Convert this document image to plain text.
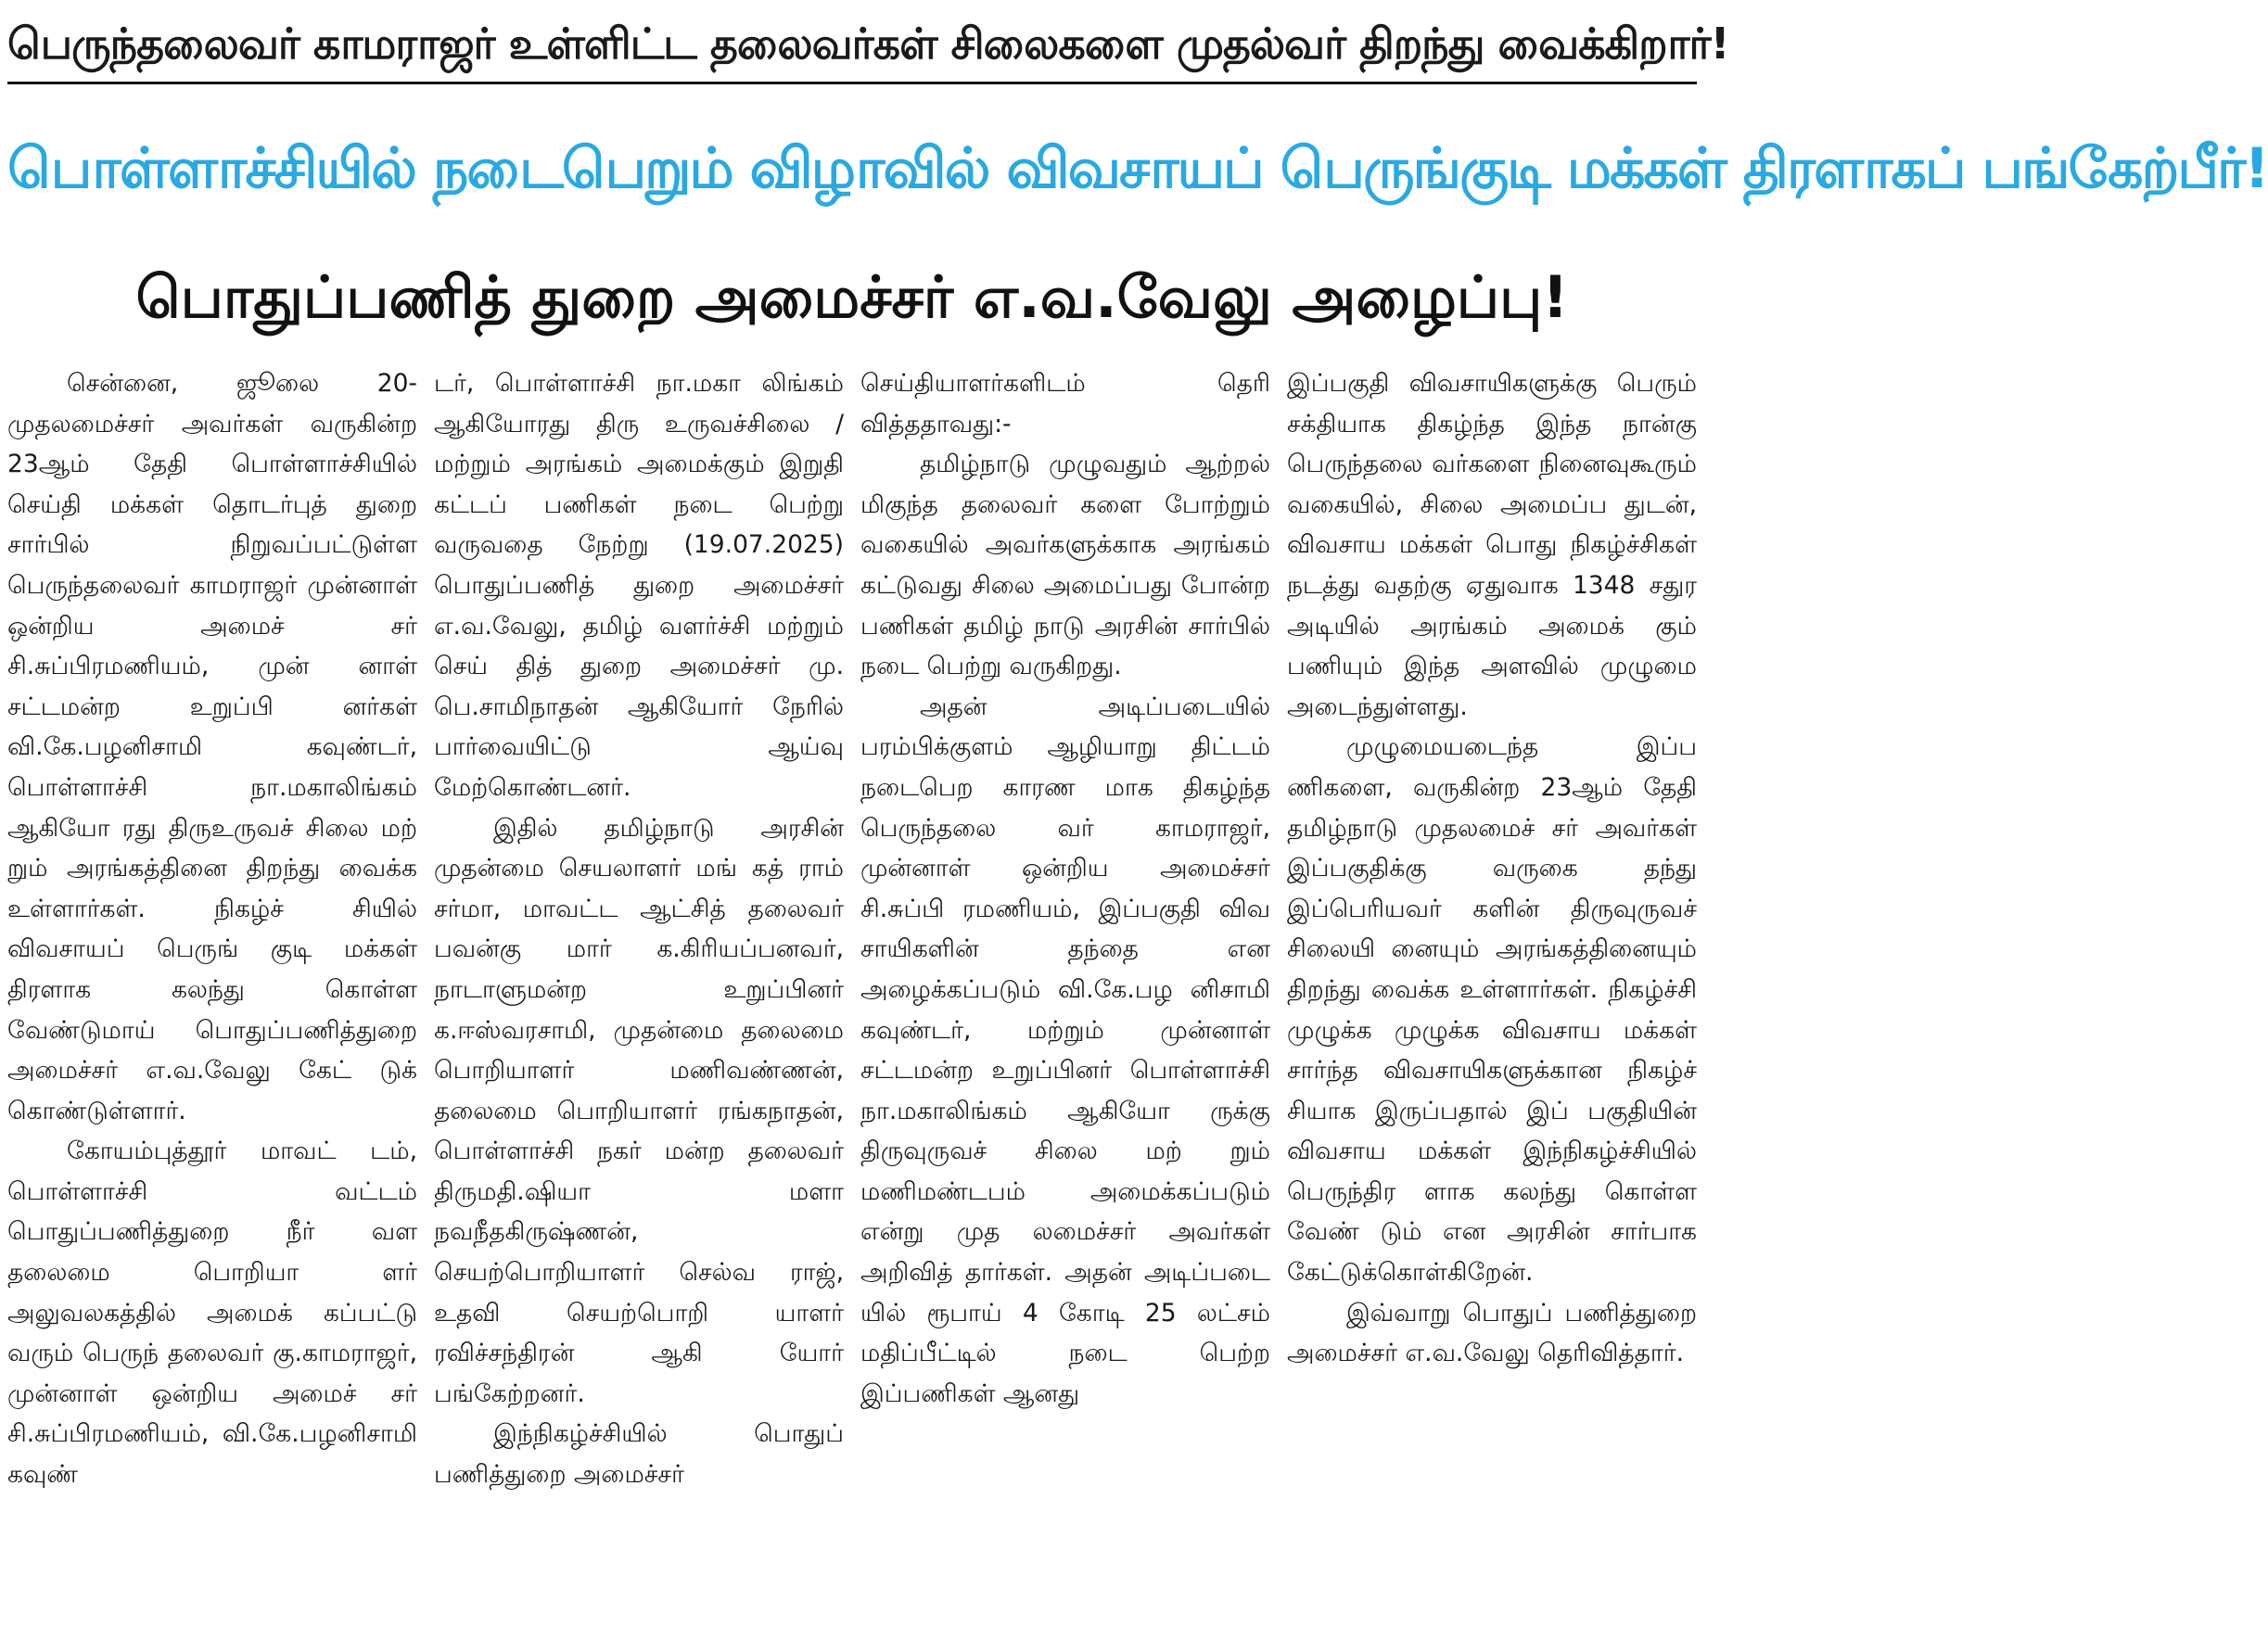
பெருந்தலைவர் காமராஜர் உள்ளிட்ட தலைவர்கள் சிலைகளை முதல்வர் திறந்து வைக்கிறார்!
பொள்ளாச்சியில் நடைபெறும் விழாவில் விவசாயப் பெருங்குடி மக்கள் திரளாகப் பங்கேற்பீர்!
பொதுப்பணித் துறை அமைச்சர் எ.வ.வேலு அழைப்பு!

சென்னை, ஜூலை 20- முதலமைச்சர் அவர்கள் வருகின்ற 23ஆம் தேதி பொள்ளாச்சியில் செய்தி மக்கள் தொடர்புத் துறை சார்பில் நிறுவப்பட்டுள்ள பெருந்தலைவர் காமராஜர் முன்னாள் ஒன்றிய அமைச் சர் சி.சுப்பிரமணியம், முன் னாள் சட்டமன்ற உறுப்பி னர்கள் வி.கே.பழனிசாமி கவுண்டர், பொள்ளாச்சி நா.மகாலிங்கம் ஆகியோ ரது திருஉருவச் சிலை மற் றும் அரங்கத்தினை திறந்து வைக்க உள்ளார்கள். நிகழ்ச் சியில் விவசாயப் பெருங் குடி மக்கள் திரளாக கலந்து கொள்ள வேண்டுமாய் பொதுப்பணித்துறை அமைச்சர் எ.வ.வேலு கேட் டுக் கொண்டுள்ளார்.

கோயம்புத்தூர் மாவட் டம், பொள்ளாச்சி வட்டம் பொதுப்பணித்துறை நீர் வள தலைமை பொறியா ளர் அலுவலகத்தில் அமைக் கப்பட்டு வரும் பெருந் தலைவர் கு.காமராஜர், முன்னாள் ஒன்றிய அமைச் சர் சி.சுப்பிரமணியம், வி.கே.பழனிசாமி கவுண்

டர், பொள்ளாச்சி நா.மகா லிங்கம் ஆகியோரது திரு உருவச்சிலை / மற்றும் அரங்கம் அமைக்கும் இறுதி கட்டப் பணிகள் நடை பெற்று வருவதை நேற்று (19.07.2025) பொதுப்பணித் துறை அமைச்சர் எ.வ.வேலு, தமிழ் வளர்ச்சி மற்றும் செய் தித் துறை அமைச்சர் மு. பெ.சாமிநாதன் ஆகியோர் நேரில் பார்வையிட்டு ஆய்வு மேற்கொண்டனர்.

இதில் தமிழ்நாடு அரசின் முதன்மை செயலாளர் மங் கத் ராம் சர்மா, மாவட்ட ஆட்சித் தலைவர் பவன்கு மார் க.கிரியப்பனவர், நாடாளுமன்ற உறுப்பினர் க.ஈஸ்வரசாமி, முதன்மை தலைமை பொறியாளர் மணிவண்ணன், தலைமை பொறியாளர் ரங்கநாதன், பொள்ளாச்சி நகர் மன்ற தலைவர் திருமதி.ஷியா மளா நவநீதகிருஷ்ணன், செயற்பொறியாளர் செல்வ ராஜ், உதவி செயற்பொறி யாளர் ரவிச்சந்திரன் ஆகி யோர் பங்கேற்றனர்.

இந்நிகழ்ச்சியில் பொதுப் பணித்துறை அமைச்சர்

செய்தியாளர்களிடம் தெரி வித்ததாவது:-

தமிழ்நாடு முழுவதும் ஆற்றல் மிகுந்த தலைவர் களை போற்றும் வகையில் அவர்களுக்காக அரங்கம் கட்டுவது சிலை அமைப்பது போன்ற பணிகள் தமிழ் நாடு அரசின் சார்பில் நடை பெற்று வருகிறது.

அதன் அடிப்படையில் பரம்பிக்குளம் ஆழியாறு திட்டம் நடைபெற காரண மாக திகழ்ந்த பெருந்தலை வர் காமராஜர், முன்னாள் ஒன்றிய அமைச்சர் சி.சுப்பி ரமணியம், இப்பகுதி விவ சாயிகளின் தந்தை என அழைக்கப்படும் வி.கே.பழ னிசாமி கவுண்டர், மற்றும் முன்னாள் சட்டமன்ற உறுப்பினர் பொள்ளாச்சி நா.மகாலிங்கம் ஆகியோ ருக்கு திருவுருவச் சிலை மற் றும் மணிமண்டபம் அமைக்கப்படும் என்று முத லமைச்சர் அவர்கள் அறிவித் தார்கள். அதன் அடிப்படை யில் ரூபாய் 4 கோடி 25 லட்சம் மதிப்பீட்டில் நடை பெற்ற இப்பணிகள் ஆனது

இப்பகுதி விவசாயிகளுக்கு பெரும் சக்தியாக திகழ்ந்த இந்த நான்கு பெருந்தலை வர்களை நினைவுகூரும் வகையில், சிலை அமைப்ப துடன், விவசாய மக்கள் பொது நிகழ்ச்சிகள் நடத்து வதற்கு ஏதுவாக 1348 சதுர அடியில் அரங்கம் அமைக் கும் பணியும் இந்த அளவில் முழுமை அடைந்துள்ளது.

முழுமையடைந்த இப்ப ணிகளை, வருகின்ற 23ஆம் தேதி தமிழ்நாடு முதலமைச் சர் அவர்கள் இப்பகுதிக்கு வருகை தந்து இப்பெரியவர் களின் திருவுருவச் சிலையி னையும் அரங்கத்தினையும் திறந்து வைக்க உள்ளார்கள். நிகழ்ச்சி முழுக்க முழுக்க விவசாய மக்கள் சார்ந்த விவசாயிகளுக்கான நிகழ்ச் சியாக இருப்பதால் இப் பகுதியின் விவசாய மக்கள் இந்நிகழ்ச்சியில் பெருந்திர ளாக கலந்து கொள்ள வேண் டும் என அரசின் சார்பாக கேட்டுக்கொள்கிறேன்.

இவ்வாறு பொதுப் பணித்துறை அமைச்சர் எ.வ.வேலு தெரிவித்தார்.
